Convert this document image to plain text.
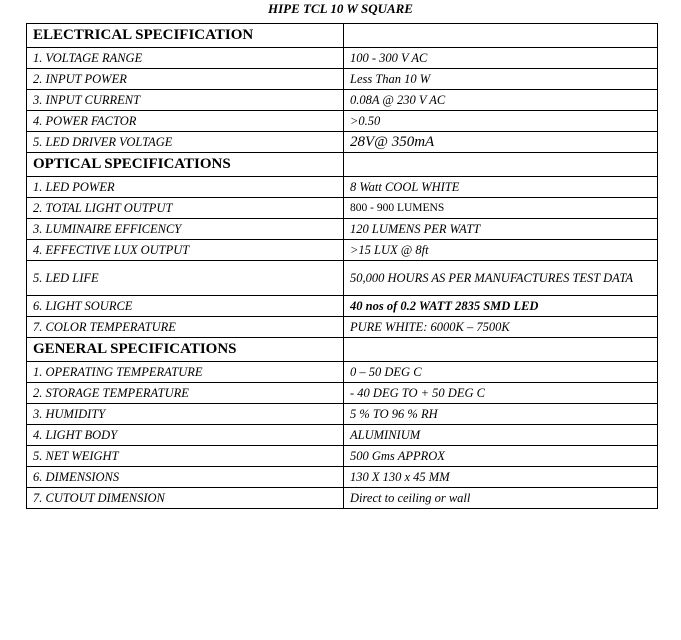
HIPE TCL 10 W SQUARE
ELECTRICAL SPECIFICATION	
1. VOLTAGE RANGE	100 - 300 V AC
2. INPUT POWER	Less Than 10 W
3. INPUT CURRENT	0.08A @ 230 V AC
4. POWER FACTOR	>0.50
5. LED DRIVER VOLTAGE	28V@ 350mA
OPTICAL SPECIFICATIONS	
1. LED POWER	8 Watt COOL WHITE
2. TOTAL LIGHT OUTPUT	800 - 900 LUMENS
3. LUMINAIRE EFFICENCY	120 LUMENS PER WATT
4. EFFECTIVE LUX OUTPUT	>15 LUX @ 8ft
5. LED LIFE	50,000 HOURS AS PER MANUFACTURES TEST DATA
6. LIGHT SOURCE	40 nos of 0.2 WATT 2835 SMD LED
7. COLOR TEMPERATURE	PURE WHITE: 6000K – 7500K
GENERAL SPECIFICATIONS	
1. OPERATING TEMPERATURE	0 – 50 DEG C
2. STORAGE TEMPERATURE	- 40 DEG TO + 50 DEG C
3. HUMIDITY	5 % TO 96 % RH
4. LIGHT BODY	ALUMINIUM
5. NET WEIGHT	500 Gms APPROX
6. DIMENSIONS	130 X 130 x 45 MM
7. CUTOUT DIMENSION	Direct to ceiling or wall
